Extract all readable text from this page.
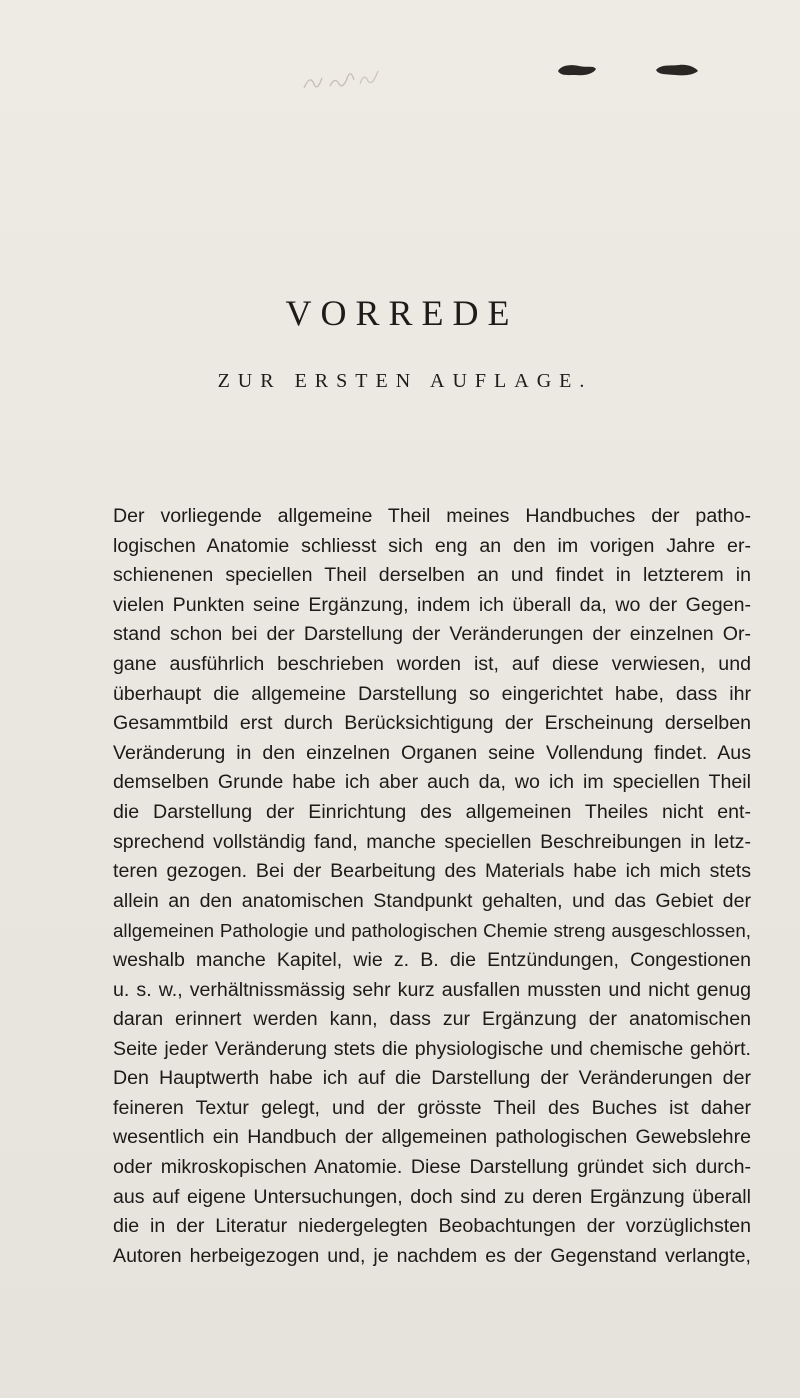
VORREDE
ZUR ERSTEN AUFLAGE.
Der vorliegende allgemeine Theil meines Handbuches der patho-
logischen Anatomie schliesst sich eng an den im vorigen Jahre er-
schienenen speciellen Theil derselben an und findet in letzterem in
vielen Punkten seine Ergänzung, indem ich überall da, wo der Gegen-
stand schon bei der Darstellung der Veränderungen der einzelnen Or-
gane ausführlich beschrieben worden ist, auf diese verwiesen, und
überhaupt die allgemeine Darstellung so eingerichtet habe, dass ihr
Gesammtbild erst durch Berücksichtigung der Erscheinung derselben
Veränderung in den einzelnen Organen seine Vollendung findet. Aus
demselben Grunde habe ich aber auch da, wo ich im speciellen Theil
die Darstellung der Einrichtung des allgemeinen Theiles nicht ent-
sprechend vollständig fand, manche speciellen Beschreibungen in letz-
teren gezogen. Bei der Bearbeitung des Materials habe ich mich stets
allein an den anatomischen Standpunkt gehalten, und das Gebiet der
allgemeinen Pathologie und pathologischen Chemie streng ausgeschlossen,
weshalb manche Kapitel, wie z. B. die Entzündungen, Congestionen
u. s. w., verhältnissmässig sehr kurz ausfallen mussten und nicht genug
daran erinnert werden kann, dass zur Ergänzung der anatomischen
Seite jeder Veränderung stets die physiologische und chemische gehört.
Den Hauptwerth habe ich auf die Darstellung der Veränderungen der
feineren Textur gelegt, und der grösste Theil des Buches ist daher
wesentlich ein Handbuch der allgemeinen pathologischen Gewebslehre
oder mikroskopischen Anatomie. Diese Darstellung gründet sich durch-
aus auf eigene Untersuchungen, doch sind zu deren Ergänzung überall
die in der Literatur niedergelegten Beobachtungen der vorzüglichsten
Autoren herbeigezogen und, je nachdem es der Gegenstand verlangte,
